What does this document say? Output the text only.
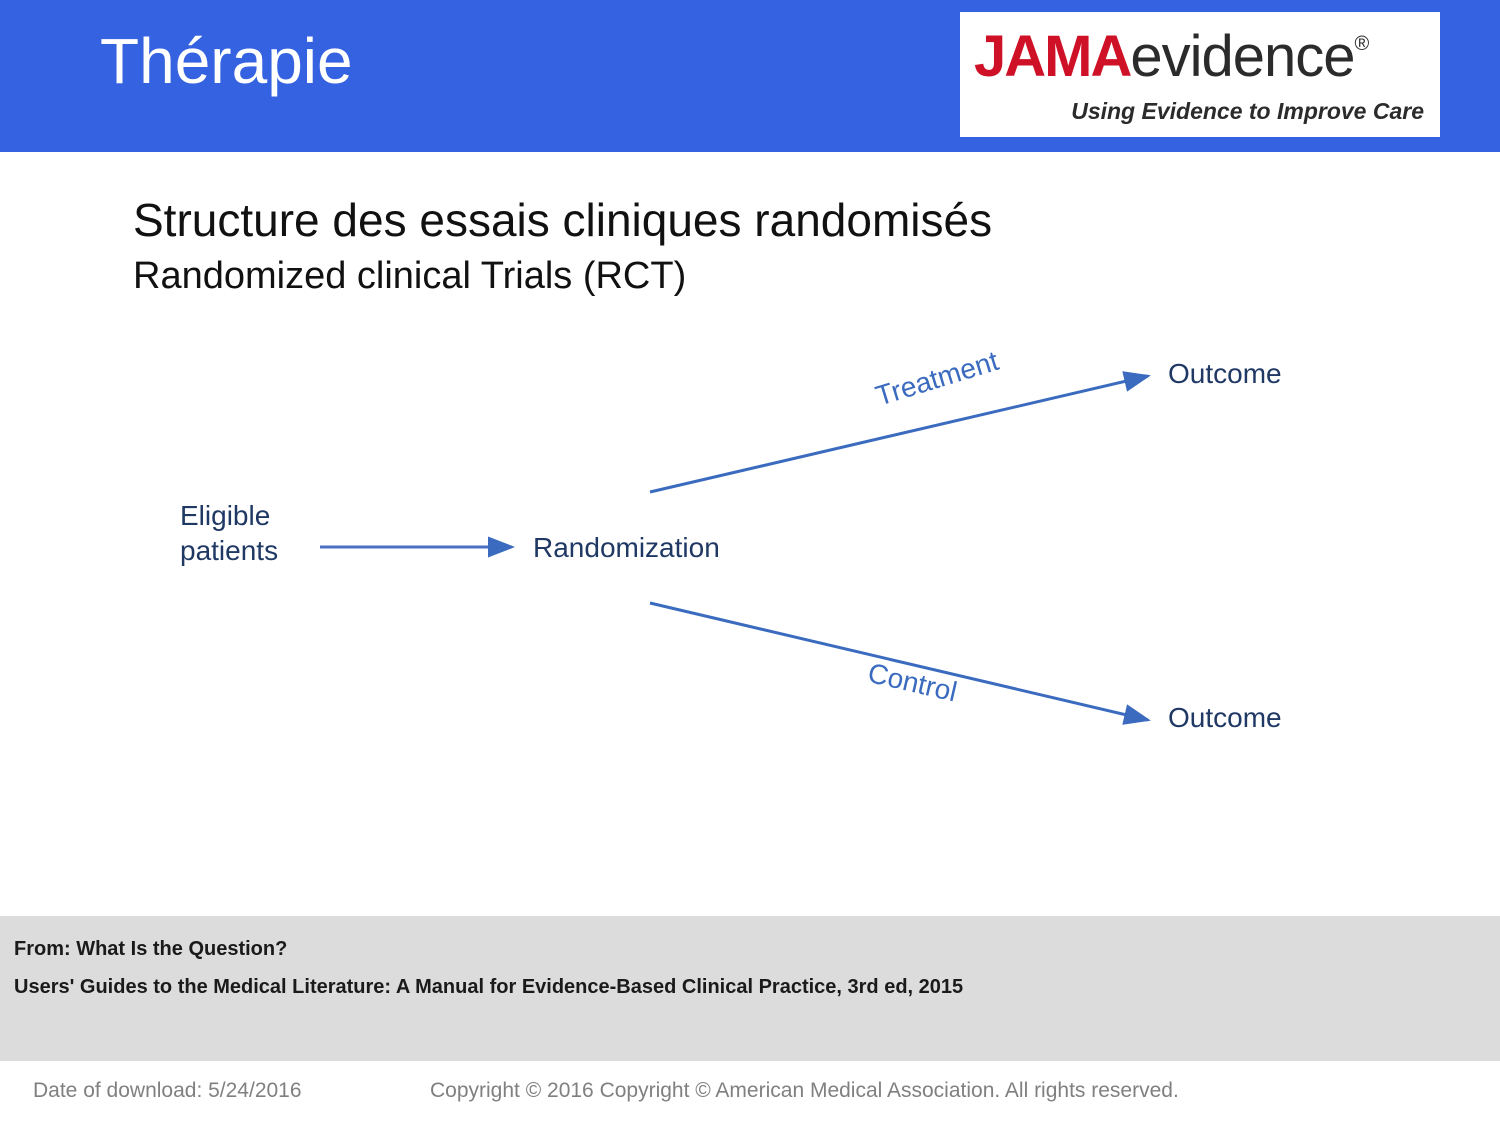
Thérapie	JAMAevidence®
Using Evidence to Improve Care
Structure des essais cliniques randomisés
Randomized clinical Trials (RCT)
Eligible
patients	Randomization
Outcome
Outcome
Treatment
Control
From: What Is the Question?
Users' Guides to the Medical Literature: A Manual for Evidence-Based Clinical Practice, 3rd ed, 2015
Date of download: 5/24/2016	Copyright © 2016 Copyright © American Medical Association. All rights reserved.
